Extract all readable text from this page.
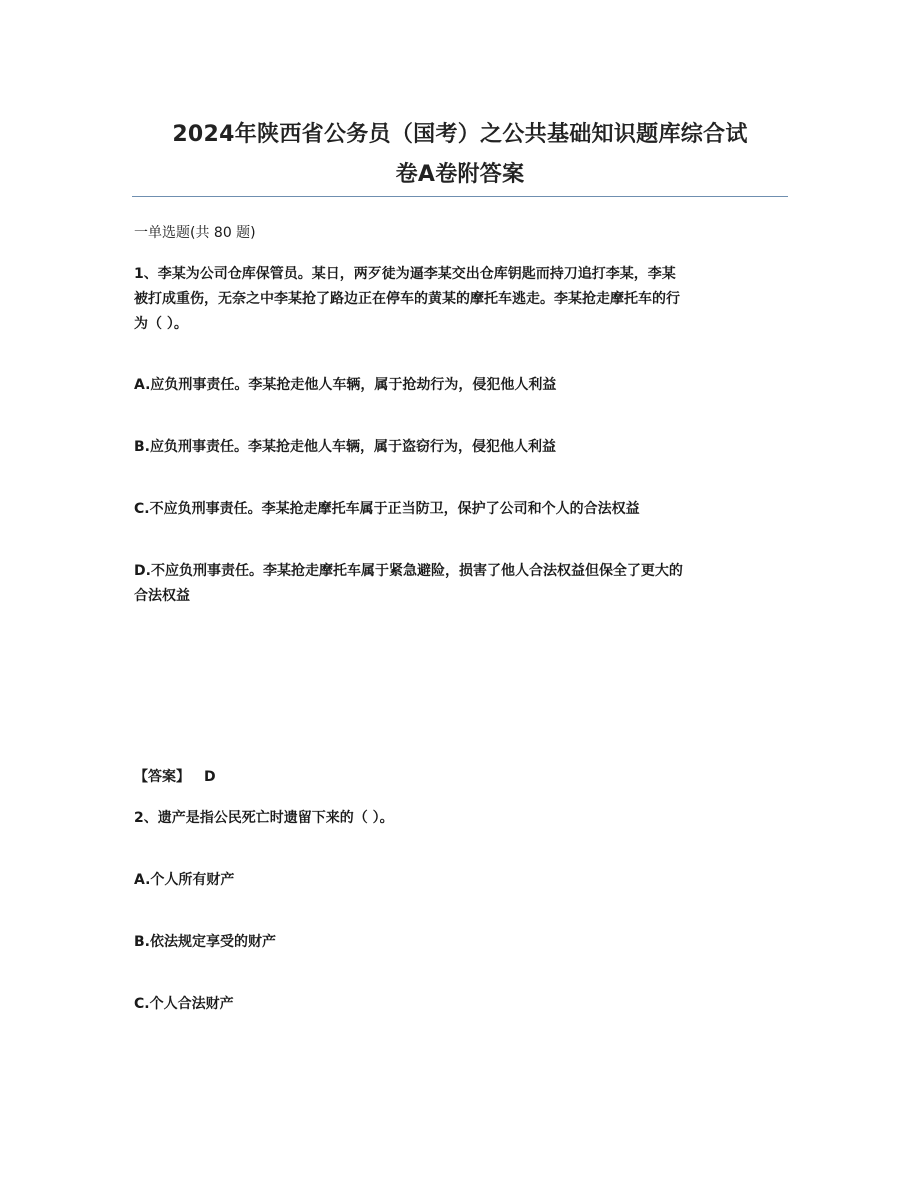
2024年陕西省公务员（国考）之公共基础知识题库综合试
卷A卷附答案
一单选题(共 80 题)
1、李某为公司仓库保管员。某日，两歹徒为逼李某交出仓库钥匙而持刀追打李某，李某
被打成重伤，无奈之中李某抢了路边正在停车的黄某的摩托车逃走。李某抢走摩托车的行
为（ ）。
A.应负刑事责任。李某抢走他人车辆，属于抢劫行为，侵犯他人利益
B.应负刑事责任。李某抢走他人车辆，属于盗窃行为，侵犯他人利益
C.不应负刑事责任。李某抢走摩托车属于正当防卫，保护了公司和个人的合法权益
D.不应负刑事责任。李某抢走摩托车属于紧急避险，损害了他人合法权益但保全了更大的
合法权益
【答案】 D
2、遗产是指公民死亡时遗留下来的（ ）。
A.个人所有财产
B.依法规定享受的财产
C.个人合法财产
